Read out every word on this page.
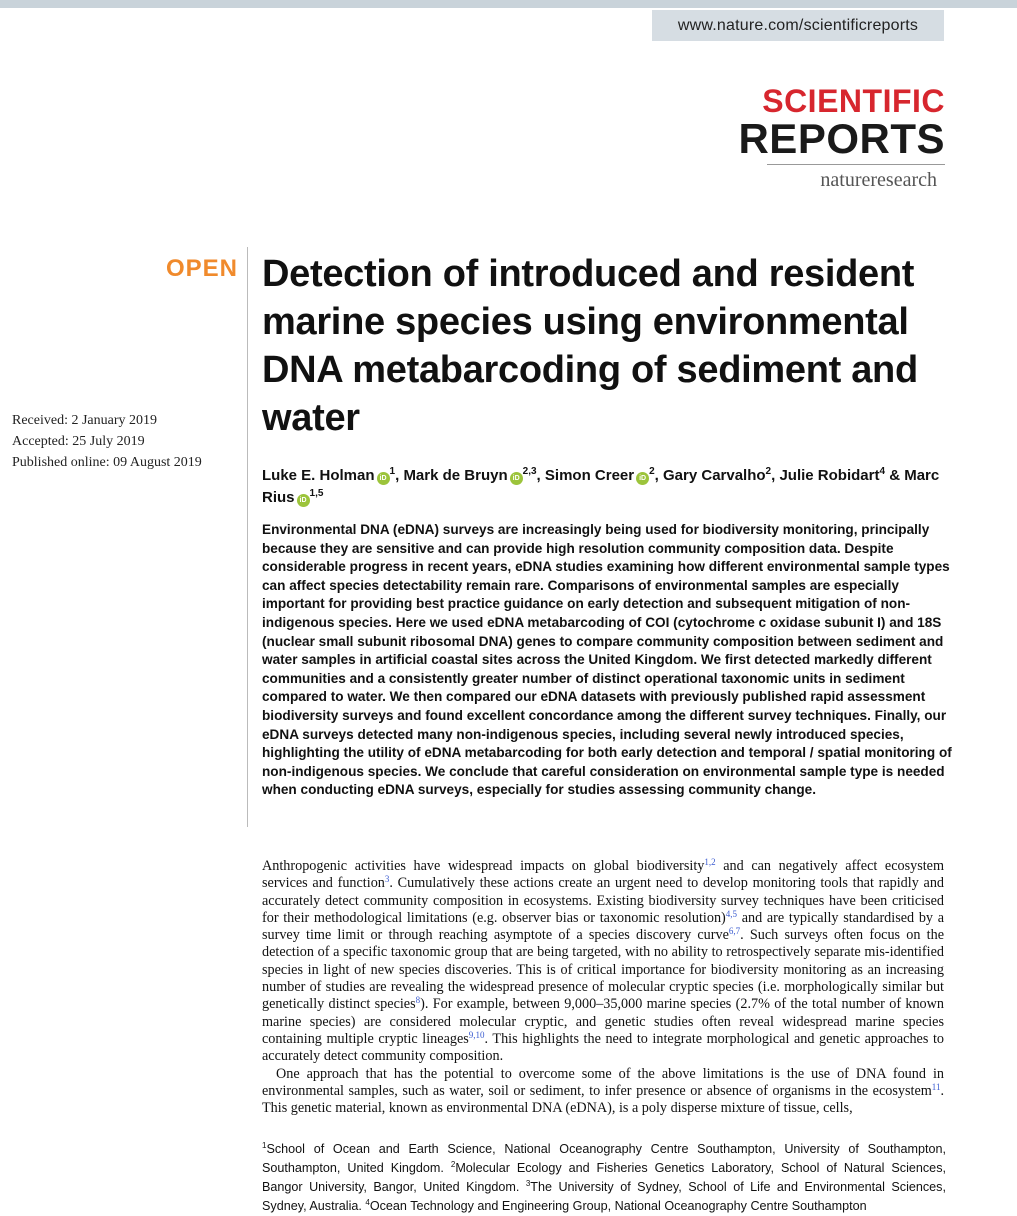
www.nature.com/scientificreports
SCIENTIFIC
REPORTS
natureresearch
OPEN
Received: 2 January 2019
Accepted: 25 July 2019
Published online: 09 August 2019
Detection of introduced and resident marine species using environmental DNA metabarcoding of sediment and water
Luke E. Holman $iD^1$, Mark de Bruyn iD$^{2,3}$, Simon Creer $iD^2$, Gary Carvalho$^2$, Julie Robidart$^4$ & Marc Rius iD$^{1,5}$
Environmental DNA (eDNA) surveys are increasingly being used for biodiversity monitoring, principally because they are sensitive and can provide high resolution community composition data. Despite considerable progress in recent years, eDNA studies examining how different environmental sample types can affect species detectability remain rare. Comparisons of environmental samples are especially important for providing best practice guidance on early detection and subsequent mitigation of non-indigenous species. Here we used eDNA metabarcoding of COI (cytochrome c oxidase subunit I) and 18S (nuclear small subunit ribosomal DNA) genes to compare community composition between sediment and water samples in artificial coastal sites across the United Kingdom. We first detected markedly different communities and a consistently greater number of distinct operational taxonomic units in sediment compared to water. We then compared our eDNA datasets with previously published rapid assessment biodiversity surveys and found excellent concordance among the different survey techniques. Finally, our eDNA surveys detected many non-indigenous species, including several newly introduced species, highlighting the utility of eDNA metabarcoding for both early detection and temporal / spatial monitoring of non-indigenous species. We conclude that careful consideration on environmental sample type is needed when conducting eDNA surveys, especially for studies assessing community change.

Anthropogenic activities have widespread impacts on global biodiversity$^{1,2}$ and can negatively affect ecosystem services and function$^3$. Cumulatively these actions create an urgent need to develop monitoring tools that rapidly and accurately detect community composition in ecosystems. Existing biodiversity survey techniques have been criticised for their methodological limitations (e.g. observer bias or taxonomic resolution)$^{4,5}$ and are typically standardised by a survey time limit or through reaching asymptote of a species discovery curve$^{6,7}$. Such surveys often focus on the detection of a specific taxonomic group that are being targeted, with no ability to retrospectively separate mis-identified species in light of new species discoveries. This is of critical importance for biodiversity monitoring as an increasing number of studies are revealing the widespread presence of molecular cryptic species (i.e. morphologically similar but genetically distinct species$^8$). For example, between 9,000–35,000 marine species (2.7% of the total number of known marine species) are considered molecular cryptic, and genetic studies often reveal widespread marine species containing multiple cryptic lineages$^{9,10}$. This highlights the need to integrate morphological and genetic approaches to accurately detect community composition.

One approach that has the potential to overcome some of the above limitations is the use of DNA found in environmental samples, such as water, soil or sediment, to infer presence or absence of organisms in the ecosystem$^{11}$. This genetic material, known as environmental DNA (eDNA), is a poly disperse mixture of tissue, cells,

$^1$School of Ocean and Earth Science, National Oceanography Centre Southampton, University of Southampton, Southampton, United Kingdom. $^2$Molecular Ecology and Fisheries Genetics Laboratory, School of Natural Sciences, Bangor University, Bangor, United Kingdom. $^3$The University of Sydney, School of Life and Environmental Sciences, Sydney, Australia. $^4$Ocean Technology and Engineering Group, National Oceanography Centre Southampton
